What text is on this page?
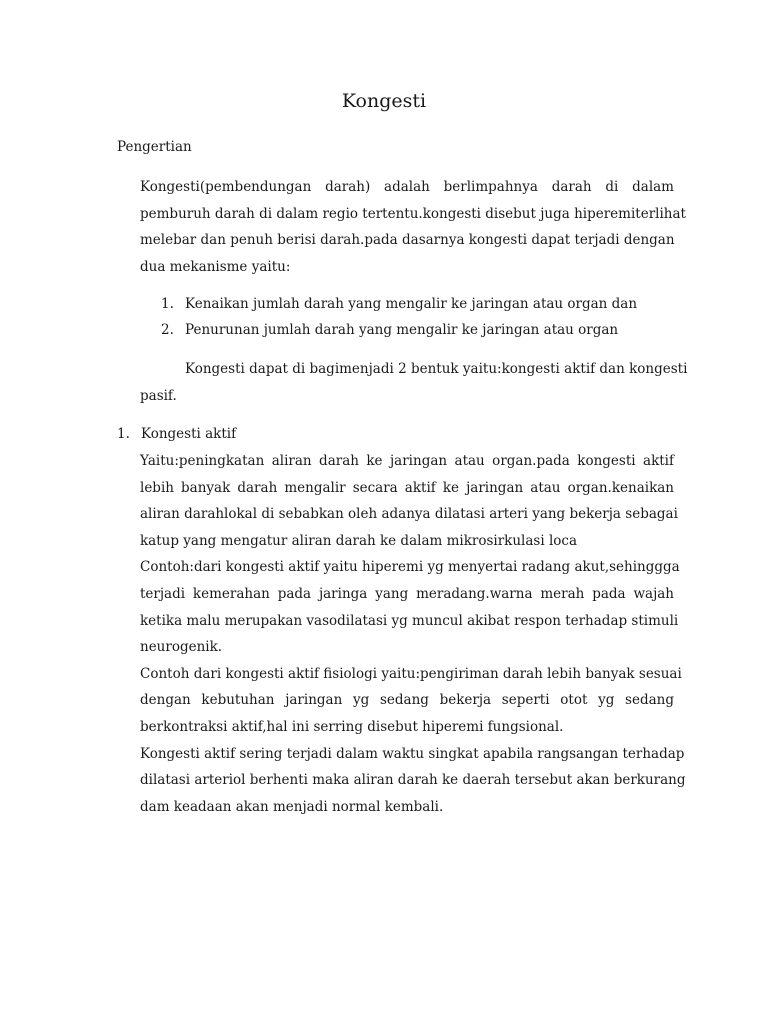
Kongesti
Pengertian
Kongesti(pembendungan darah) adalah berlimpahnya darah di dalam
pemburuh darah di dalam regio tertentu.kongesti disebut juga hiperemiterlihat
melebar dan penuh berisi darah.pada dasarnya kongesti dapat terjadi dengan
dua mekanisme yaitu:
1. Kenaikan jumlah darah yang mengalir ke jaringan atau organ dan
2. Penurunan jumlah darah yang mengalir ke jaringan atau organ
Kongesti dapat di bagimenjadi 2 bentuk yaitu:kongesti aktif dan kongesti
pasif.
1. Kongesti aktif
Yaitu:peningkatan aliran darah ke jaringan atau organ.pada kongesti aktif
lebih banyak darah mengalir secara aktif ke jaringan atau organ.kenaikan
aliran darahlokal di sebabkan oleh adanya dilatasi arteri yang bekerja sebagai
katup yang mengatur aliran darah ke dalam mikrosirkulasi loca
Contoh:dari kongesti aktif yaitu hiperemi yg menyertai radang akut,sehinggga
terjadi kemerahan pada jaringa yang meradang.warna merah pada wajah
ketika malu merupakan vasodilatasi yg muncul akibat respon terhadap stimuli
neurogenik.
Contoh dari kongesti aktif fisiologi yaitu:pengiriman darah lebih banyak sesuai
dengan kebutuhan jaringan yg sedang bekerja seperti otot yg sedang
berkontraksi aktif,hal ini serring disebut hiperemi fungsional.
Kongesti aktif sering terjadi dalam waktu singkat apabila rangsangan terhadap
dilatasi arteriol berhenti maka aliran darah ke daerah tersebut akan berkurang
dam keadaan akan menjadi normal kembali.
